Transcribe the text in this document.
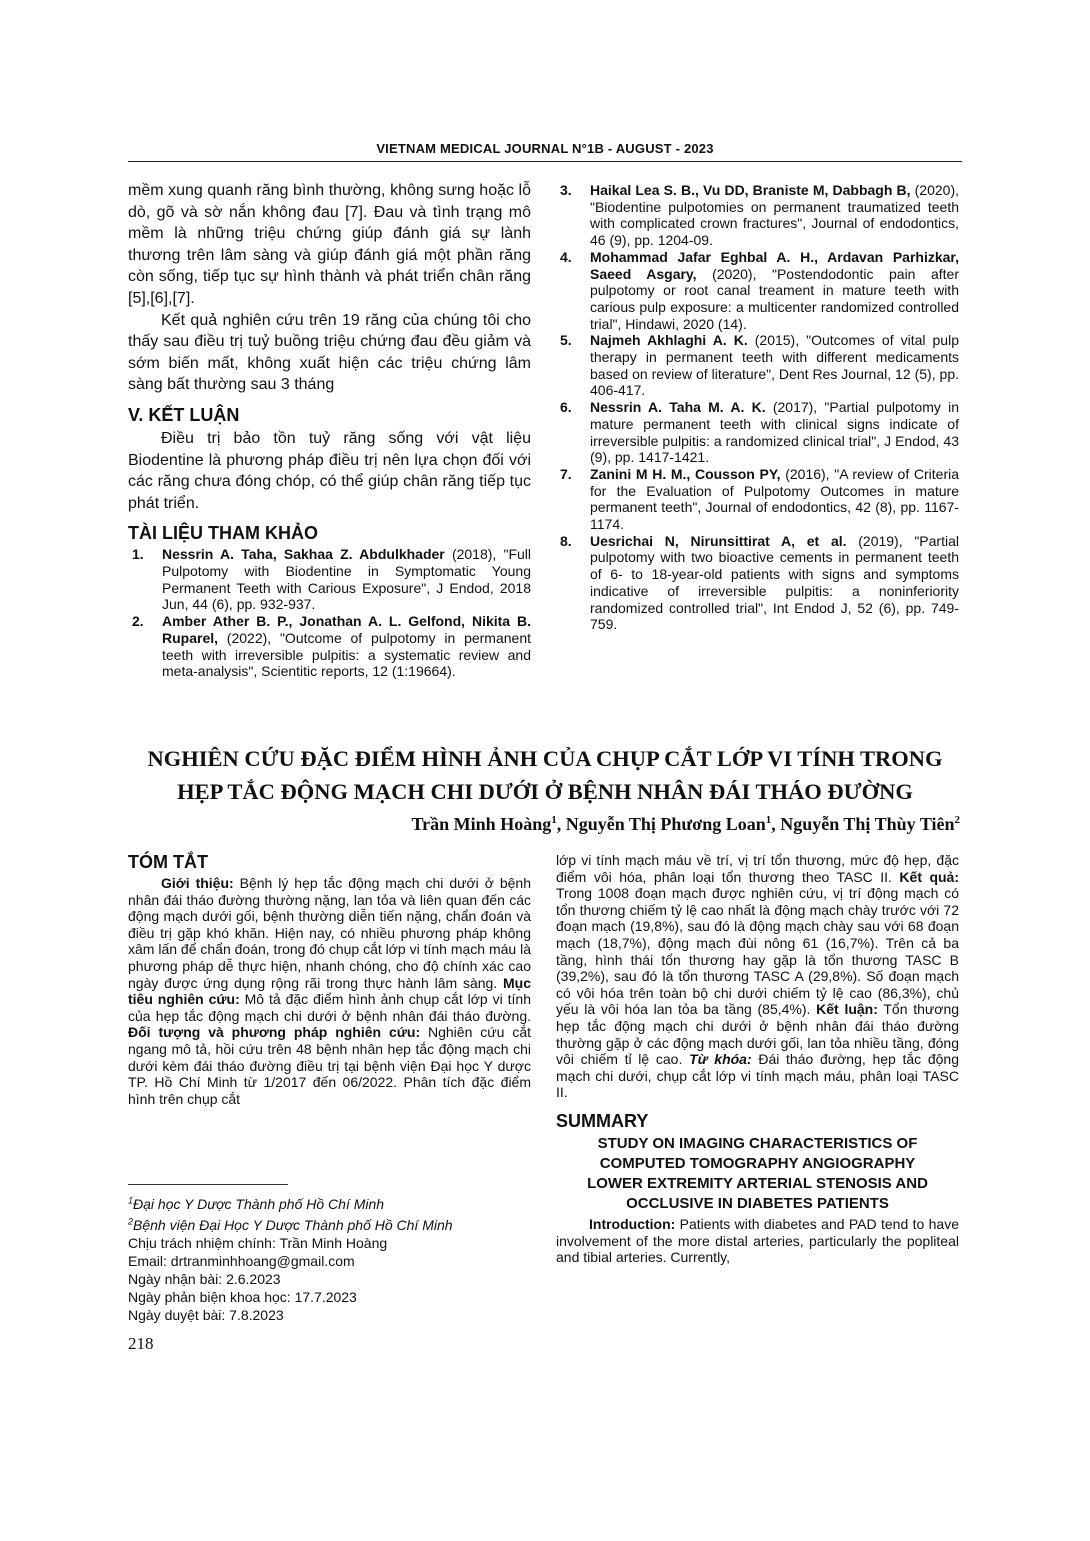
VIETNAM MEDICAL JOURNAL N°1B - AUGUST - 2023

mềm xung quanh răng bình thường, không sưng hoặc lỗ dò, gõ và sờ nắn không đau [7]. Đau và tình trạng mô mềm là những triệu chứng giúp đánh giá sự lành thương trên lâm sàng và giúp đánh giá một phần răng còn sống, tiếp tục sự hình thành và phát triển chân răng [5],[6],[7].

Kết quả nghiên cứu trên 19 răng của chúng tôi cho thấy sau điều trị tuỷ buồng triệu chứng đau đều giảm và sớm biến mất, không xuất hiện các triệu chứng lâm sàng bất thường sau 3 tháng

V. KẾT LUẬN

Điều trị bảo tồn tuỷ răng sống với vật liệu Biodentine là phương pháp điều trị nên lựa chọn đối với các răng chưa đóng chóp, có thể giúp chân răng tiếp tục phát triển.

TÀI LIỆU THAM KHẢO
1. Nessrin A. Taha, Sakhaa Z. Abdulkhader (2018), "Full Pulpotomy with Biodentine in Symptomatic Young Permanent Teeth with Carious Exposure", J Endod, 2018 Jun, 44 (6), pp. 932-937.
2. Amber Ather B. P., Jonathan A. L. Gelfond, Nikita B. Ruparel, (2022), "Outcome of pulpotomy in permanent teeth with irreversible pulpitis: a systematic review and meta-analysis", Scientitic reports, 12 (1:19664).
3. Haikal Lea S. B., Vu DD, Braniste M, Dabbagh B, (2020), "Biodentine pulpotomies on permanent traumatized teeth with complicated crown fractures", Journal of endodontics, 46 (9), pp. 1204-09.
4. Mohammad Jafar Eghbal A. H., Ardavan Parhizkar, Saeed Asgary, (2020), "Postendodontic pain after pulpotomy or root canal treament in mature teeth with carious pulp exposure: a multicenter randomized controlled trial", Hindawi, 2020 (14).
5. Najmeh Akhlaghi A. K. (2015), "Outcomes of vital pulp therapy in permanent teeth with different medicaments based on review of literature", Dent Res Journal, 12 (5), pp. 406-417.
6. Nessrin A. Taha M. A. K. (2017), "Partial pulpotomy in mature permanent teeth with clinical signs indicate of irreversible pulpitis: a randomized clinical trial", J Endod, 43 (9), pp. 1417-1421.
7. Zanini M H. M., Cousson PY, (2016), "A review of Criteria for the Evaluation of Pulpotomy Outcomes in mature permanent teeth", Journal of endodontics, 42 (8), pp. 1167-1174.
8. Uesrichai N, Nirunsittirat A, et al. (2019), "Partial pulpotomy with two bioactive cements in permanent teeth of 6- to 18-year-old patients with signs and symptoms indicative of irreversible pulpitis: a noninferiority randomized controlled trial", Int Endod J, 52 (6), pp. 749-759.
NGHIÊN CỨU ĐẶC ĐIỂM HÌNH ẢNH CỦA CHỤP CẮT LỚP VI TÍNH TRONG
HẸP TẮC ĐỘNG MẠCH CHI DƯỚI Ở BỆNH NHÂN ĐÁI THÁO ĐƯỜNG
Trần Minh Hoàng$^1$, Nguyễn Thị Phương Loan$^1$, Nguyễn Thị Thùy Tiên$^2$
TÓM TẮT

Giới thiệu: Bệnh lý hẹp tắc động mạch chi dưới ở bệnh nhân đái tháo đường thường nặng, lan tỏa và liên quan đến các động mạch dưới gối, bệnh thường diễn tiến nặng, chẩn đoán và điều trị gặp khó khăn. Hiện nay, có nhiều phương pháp không xâm lấn để chẩn đoán, trong đó chụp cắt lớp vi tính mạch máu là phương pháp dễ thực hiện, nhanh chóng, cho độ chính xác cao ngày được ứng dụng rộng rãi trong thực hành lâm sàng. Mục tiêu nghiên cứu: Mô tả đặc điểm hình ảnh chụp cắt lớp vi tính của hẹp tắc động mạch chi dưới ở bệnh nhân đái tháo đường. Đối tượng và phương pháp nghiên cứu: Nghiên cứu cắt ngang mô tả, hồi cứu trên 48 bệnh nhân hẹp tắc động mạch chi dưới kèm đái tháo đường điều trị tại bệnh viện Đại học Y dược TP. Hồ Chí Minh từ 1/2017 đến 06/2022. Phân tích đặc điểm hình trên chụp cắt

lớp vi tính mạch máu về trí, vị trí tổn thương, mức độ hẹp, đặc điểm vôi hóa, phân loại tổn thương theo TASC II. Kết quả: Trong 1008 đoạn mạch được nghiên cứu, vị trí động mạch có tổn thương chiếm tỷ lệ cao nhất là động mạch chày trước với 72 đoạn mạch (19,8%), sau đó là động mạch chày sau với 68 đoạn mạch (18,7%), động mạch đùi nông 61 (16,7%). Trên cả ba tầng, hình thái tổn thương hay gặp là tổn thương TASC B (39,2%), sau đó là tổn thương TASC A (29,8%). Số đoạn mạch có vôi hóa trên toàn bộ chi dưới chiếm tỷ lệ cao (86,3%), chủ yếu là vôi hóa lan tỏa ba tầng (85,4%). Kết luận: Tổn thương hẹp tắc động mạch chi dưới ở bệnh nhân đái tháo đường thường gặp ở các động mạch dưới gối, lan tỏa nhiều tầng, đóng vôi chiếm tỉ lệ cao. Từ khóa: Đái tháo đường, hẹp tắc động mạch chi dưới, chụp cắt lớp vi tính mạch máu, phân loại TASC II.

SUMMARY

STUDY ON IMAGING CHARACTERISTICS OF

COMPUTED TOMOGRAPHY ANGIOGRAPHY

LOWER EXTREMITY ARTERIAL STENOSIS AND

OCCLUSIVE IN DIABETES PATIENTS

Introduction: Patients with diabetes and PAD tend to have involvement of the more distal arteries, particularly the popliteal and tibial arteries. Currently,

$^1$Đại học Y Dược Thành phố Hồ Chí Minh
$^2$Bệnh viện Đại Học Y Dược Thành phố Hồ Chí Minh
Chịu trách nhiệm chính: Trần Minh Hoàng
Email: drtranminhhoang@gmail.com
Ngày nhận bài: 2.6.2023
Ngày phản biện khoa học: 17.7.2023
Ngày duyệt bài: 7.8.2023
218
